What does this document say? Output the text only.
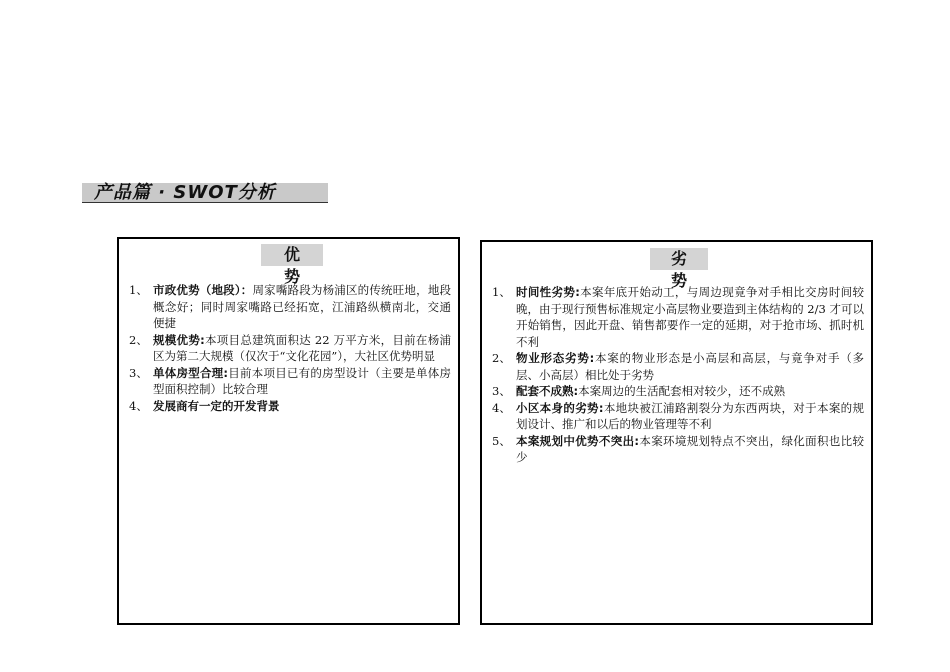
产品篇 · SWOT分析
优 势
1、 市政优势（地段）：周家嘴路段为杨浦区的传统旺地，地段概念好；同时周家嘴路已经拓宽，江浦路纵横南北，交通便捷
2、 规模优势:本项目总建筑面积达 22 万平方米，目前在杨浦区为第二大规模（仅次于“文化花园”），大社区优势明显
3、 单体房型合理:目前本项目已有的房型设计（主要是单体房型面积控制）比较合理
4、 发展商有一定的开发背景
劣 势
1、 时间性劣势:本案年底开始动工，与周边现竟争对手相比交房时间较晚，由于现行预售标准规定小高层物业要造到主体结构的 2/3 才可以开始销售，因此开盘、销售都要作一定的延期，对于抢市场、抓时机不利
2、 物业形态劣势:本案的物业形态是小高层和高层，与竟争对手（多层、小高层）相比处于劣势
3、 配套不成熟:本案周边的生活配套相对较少，还不成熟
4、 小区本身的劣势:本地块被江浦路割裂分为东西两块，对于本案的规划设计、推广和以后的物业管理等不利
5、 本案规划中优势不突出:本案环境规划特点不突出，绿化面积也比较少
